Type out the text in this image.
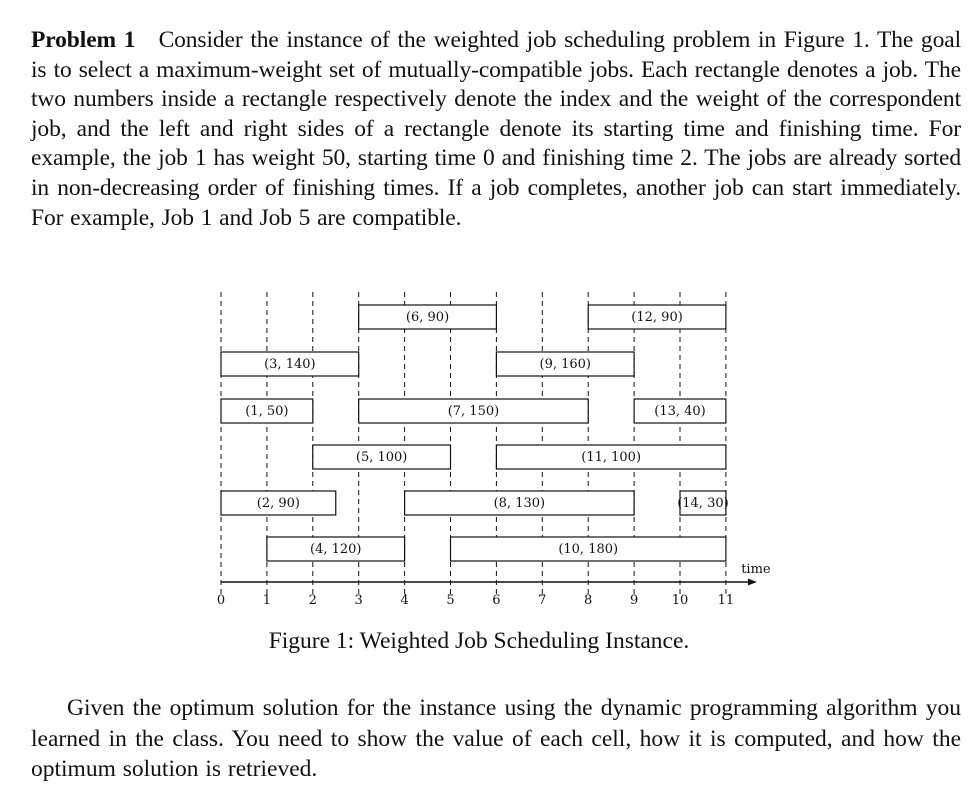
Problem 1 Consider the instance of the weighted job scheduling problem in Figure 1. The goal is to select a maximum-weight set of mutually-compatible jobs. Each rectangle denotes a job. The two numbers inside a rectangle respectively denote the index and the weight of the correspondent job, and the left and right sides of a rectangle denote its starting time and finishing time. For example, the job 1 has weight 50, starting time 0 and finishing time 2. The jobs are already sorted in non-decreasing order of finishing times. If a job completes, another job can start immediately. For example, Job 1 and Job 5 are compatible.
0	1	2	3	4	5	6	7	8	9	10 11
time
(6, 90)	(12, 90)
(3, 140)	(9, 160)
(1, 50)	(7, 150)	(13, 40)
(5, 100)	(11, 100)
(2, 90)	(8, 130)	(14, 30)
(4, 120)	(10, 180)
Figure 1: Weighted Job Scheduling Instance.
Given the optimum solution for the instance using the dynamic programming algorithm you learned in the class. You need to show the value of each cell, how it is computed, and how the optimum solution is retrieved.
